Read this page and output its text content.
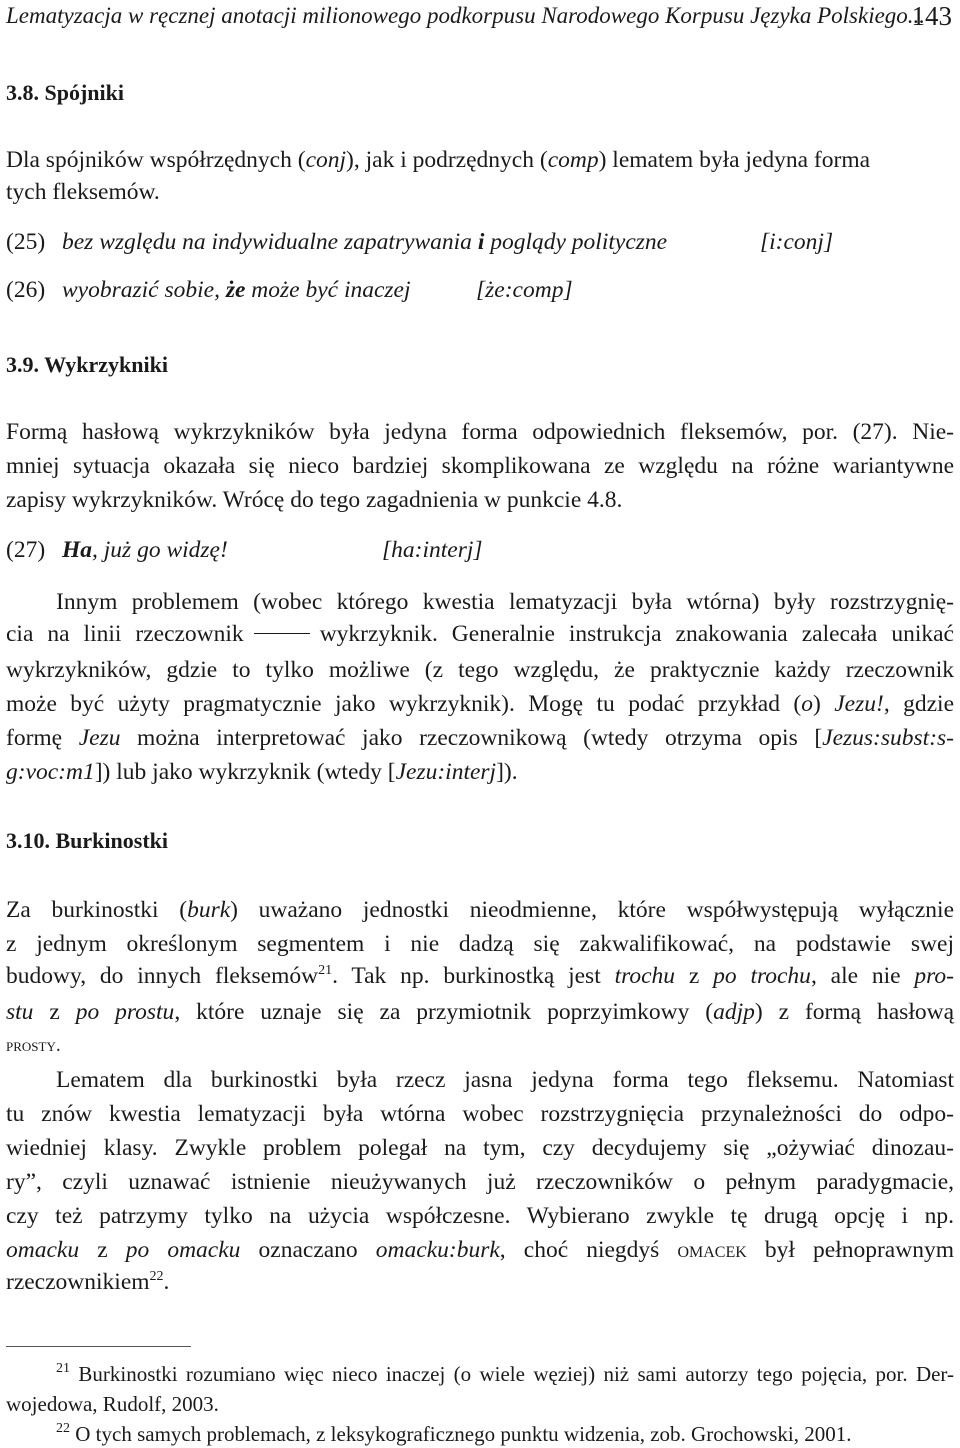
Lematyzacja w ręcznej anotacji milionowego podkorpusu Narodowego Korpusu Języka Polskiego...
143
3.8. Spójniki
Dla spójników współrzędnych (conj), jak i podrzędnych (comp) lematem była jedyna forma
tych fleksemów.
(25) bez względu na indywidualne zapatrywania i poglądy polityczne	[i:conj]
(26) wyobrazić sobie, że może być inaczej	[że:comp]
3.9. Wykrzykniki
Formą hasłową wykrzykników była jedyna forma odpowiednich fleksemów, por. (27). Nie-
mniej sytuacja okazała się nieco bardziej skomplikowana ze względu na różne wariantywne
zapisy wykrzykników. Wrócę do tego zagadnienia w punkcie 4.8.
(27) Ha, już go widzę!	[ha:interj]
Innym problemem (wobec którego kwestia lematyzacji była wtórna) były rozstrzygnię-
cia na linii rzeczownik	wykrzyknik. Generalnie instrukcja znakowania zalecała unikać
wykrzykników, gdzie to tylko możliwe (z tego względu, że praktycznie każdy rzeczownik
może być użyty pragmatycznie jako wykrzyknik). Mogę tu podać przykład (o) Jezu!, gdzie
formę Jezu można interpretować jako rzeczownikową (wtedy otrzyma opis [Jezus:subst:s-
g:voc:m1]) lub jako wykrzyknik (wtedy [Jezu:interj]).
3.10. Burkinostki
Za burkinostki (burk) uważano jednostki nieodmienne, które współwystępują wyłącznie
z jednym określonym segmentem i nie dadzą się zakwalifikować, na podstawie swej
budowy, do innych fleksemów$^{21}$. Tak np. burkinostką jest trochu z po trochu, ale nie pro-
stu z po prostu, które uznaje się za przymiotnik poprzyimkowy (adjp) z formą hasłową
prosty.
Lematem dla burkinostki była rzecz jasna jedyna forma tego fleksemu. Natomiast
tu znów kwestia lematyzacji była wtórna wobec rozstrzygnięcia przynależności do odpo-
wiedniej klasy. Zwykle problem polegał na tym, czy decydujemy się „ożywiać dinozau-
ry”, czyli uznawać istnienie nieużywanych już rzeczowników o pełnym paradygmacie,
czy też patrzymy tylko na użycia współczesne. Wybierano zwykle tę drugą opcję i np.
omacku z po omacku oznaczano omacku:burk, choć niegdyś omacek był pełnoprawnym
rzeczownikiem$^{22}$.
$^{21}$ Burkinostki rozumiano więc nieco inaczej (o wiele węziej) niż sami autorzy tego pojęcia, por. Der-
wojedowa, Rudolf, 2003.
$^{22}$ O tych samych problemach, z leksykograficznego punktu widzenia, zob. Grochowski, 2001.
